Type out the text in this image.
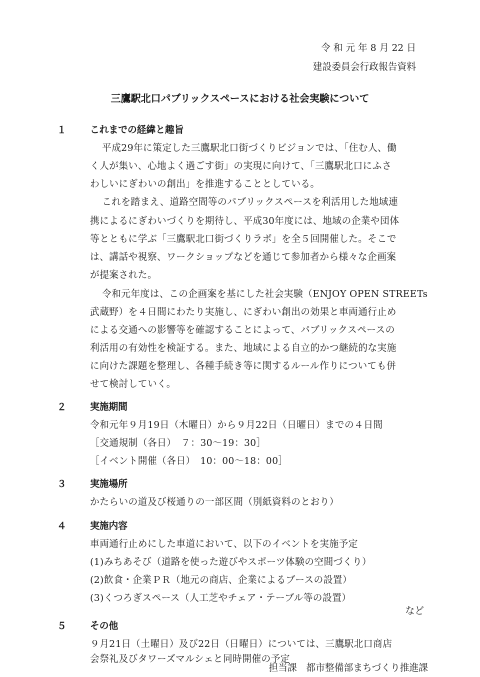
令 和 元 年 8 月 22 日
建設委員会行政報告資料
三鷹駅北口パブリックスペースにおける社会実験について
１	これまでの経緯と趣旨
平成29年に策定した三鷹駅北口街づくりビジョンでは、「住む人、働
く人が集い、心地よく過ごす街」の実現に向けて、「三鷹駅北口にふさ
わしいにぎわいの創出」を推進することとしている。
これを踏まえ、道路空間等のパブリックスペースを利活用した地域連
携によるにぎわいづくりを期待し、平成30年度には、地域の企業や団体
等とともに学ぶ「三鷹駅北口街づくりラボ」を全５回開催した。そこで
は、講話や視察、ワークショップなどを通じて参加者から様々な企画案
が提案された。
令和元年度は、この企画案を基にした社会実験（ENJOY OPEN STREETs
武蔵野）を４日間にわたり実施し、にぎわい創出の効果と車両通行止め
による交通への影響等を確認することによって、パブリックスペースの
利活用の有効性を検証する。また、地域による自立的かつ継続的な実施
に向けた課題を整理し、各種手続き等に関するルール作りについても併
せて検討していく。
２	実施期間
令和元年９月19日（木曜日）から９月22日（日曜日）までの４日間
［交通規制（各日）　７：30～19：30］
［イベント開催（各日）　10：00～18：00］
３	実施場所
かたらいの道及び桜通りの一部区間（別紙資料のとおり）
４	実施内容
車両通行止めにした車道において、以下のイベントを実施予定
(1)みちあそび（道路を使った遊びやスポーツ体験の空間づくり）
(2)飲食・企業ＰＲ（地元の商店、企業によるブースの設置）
(3)くつろぎスペース（人工芝やチェア・テーブル等の設置）
など
５	その他
９月21日（土曜日）及び22日（日曜日）については、三鷹駅北口商店
会祭礼及びタワーズマルシェと同時開催の予定
担当課　都市整備部まちづくり推進課
